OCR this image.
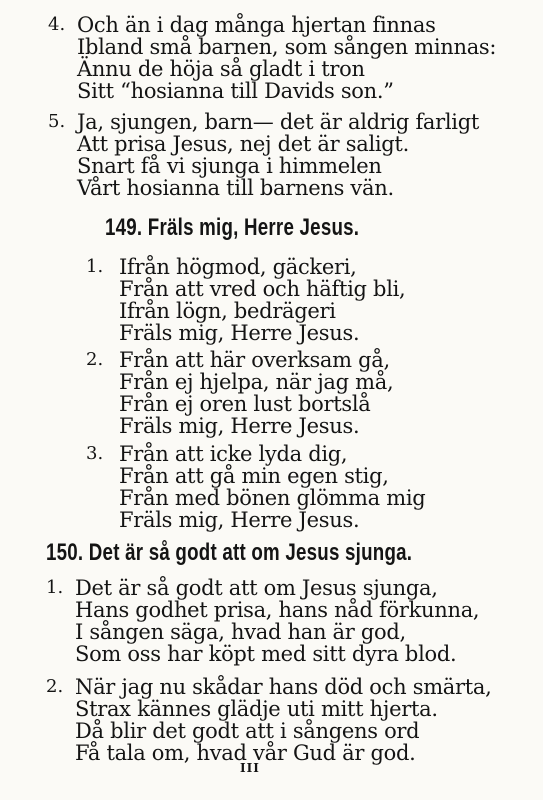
4. Och än i dag många hjertan finnas
Ibland små barnen, som sången minnas:
Ännu de höja så gladt i tron
Sitt “hosianna till Davids son.”
5. Ja, sjungen, barn— det är aldrig farligt
Att prisa Jesus, nej det är saligt.
Snart få vi sjunga i himmelen
Vårt hosianna till barnens vän.
149. Fräls mig, Herre Jesus.
1. Ifrån högmod, gäckeri,
Från att vred och häftig bli,
Ifrån lögn, bedrägeri
Fräls mig, Herre Jesus.
2. Från att här overksam gå,
Från ej hjelpa, när jag må,
Från ej oren lust bortslå
Fräls mig, Herre Jesus.
3. Från att icke lyda dig,
Från att gå min egen stig,
Från med bönen glömma mig
Fräls mig, Herre Jesus.
150. Det är så godt att om Jesus sjunga.
1. Det är så godt att om Jesus sjunga,
Hans godhet prisa, hans nåd förkunna,
I sången säga, hvad han är god,
Som oss har köpt med sitt dyra blod.
2. När jag nu skådar hans död och smärta,
Strax kännes glädje uti mitt hjerta.
Då blir det godt att i sångens ord
Få tala om, hvad vår Gud är god.
III
